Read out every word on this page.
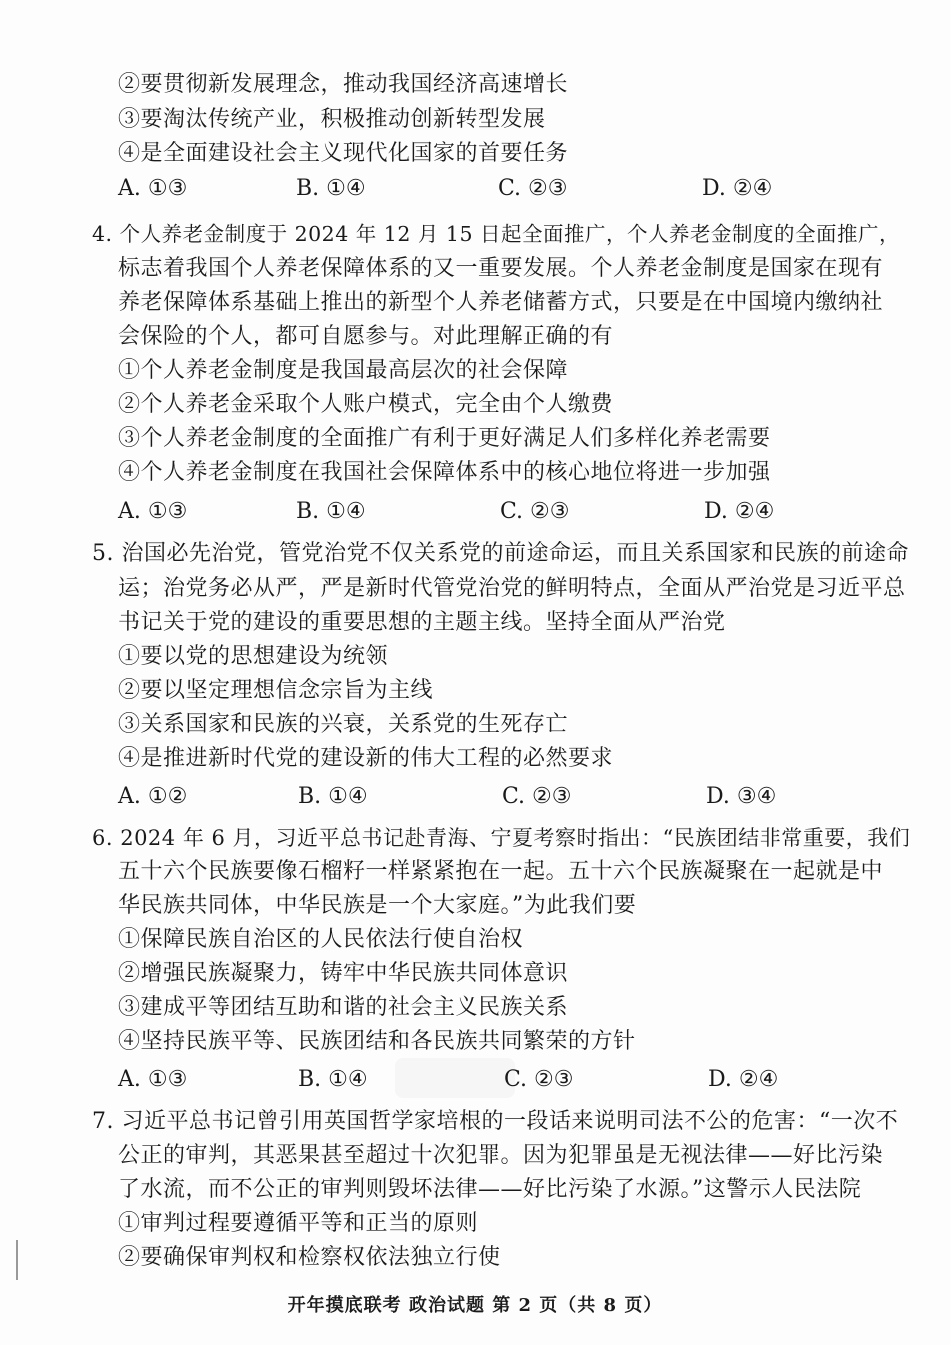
②要贯彻新发展理念，推动我国经济高速增长
③要淘汰传统产业，积极推动创新转型发展
④是全面建设社会主义现代化国家的首要任务
A. ①③	B. ①④	C. ②③	D. ②④
4. 个人养老金制度于 2024 年 12 月 15 日起全面推广，个人养老金制度的全面推广，
标志着我国个人养老保障体系的又一重要发展。个人养老金制度是国家在现有
养老保障体系基础上推出的新型个人养老储蓄方式，只要是在中国境内缴纳社
会保险的个人，都可自愿参与。对此理解正确的有
①个人养老金制度是我国最高层次的社会保障
②个人养老金采取个人账户模式，完全由个人缴费
③个人养老金制度的全面推广有利于更好满足人们多样化养老需要
④个人养老金制度在我国社会保障体系中的核心地位将进一步加强
A. ①③	B. ①④	C. ②③	D. ②④
5. 治国必先治党，管党治党不仅关系党的前途命运，而且关系国家和民族的前途命
运；治党务必从严，严是新时代管党治党的鲜明特点，全面从严治党是习近平总
书记关于党的建设的重要思想的主题主线。坚持全面从严治党
①要以党的思想建设为统领
②要以坚定理想信念宗旨为主线
③关系国家和民族的兴衰，关系党的生死存亡
④是推进新时代党的建设新的伟大工程的必然要求
A. ①②	B. ①④	C. ②③	D. ③④
6. 2024 年 6 月，习近平总书记赴青海、宁夏考察时指出：“民族团结非常重要，我们
五十六个民族要像石榴籽一样紧紧抱在一起。五十六个民族凝聚在一起就是中
华民族共同体，中华民族是一个大家庭。”为此我们要
①保障民族自治区的人民依法行使自治权
②增强民族凝聚力，铸牢中华民族共同体意识
③建成平等团结互助和谐的社会主义民族关系
④坚持民族平等、民族团结和各民族共同繁荣的方针
A. ①③	B. ①④	C. ②③	D. ②④
7. 习近平总书记曾引用英国哲学家培根的一段话来说明司法不公的危害：“一次不
公正的审判，其恶果甚至超过十次犯罪。因为犯罪虽是无视法律——好比污染
了水流，而不公正的审判则毁坏法律——好比污染了水源。”这警示人民法院
①审判过程要遵循平等和正当的原则
②要确保审判权和检察权依法独立行使
开年摸底联考 政治试题 第 2 页（共 8 页）
